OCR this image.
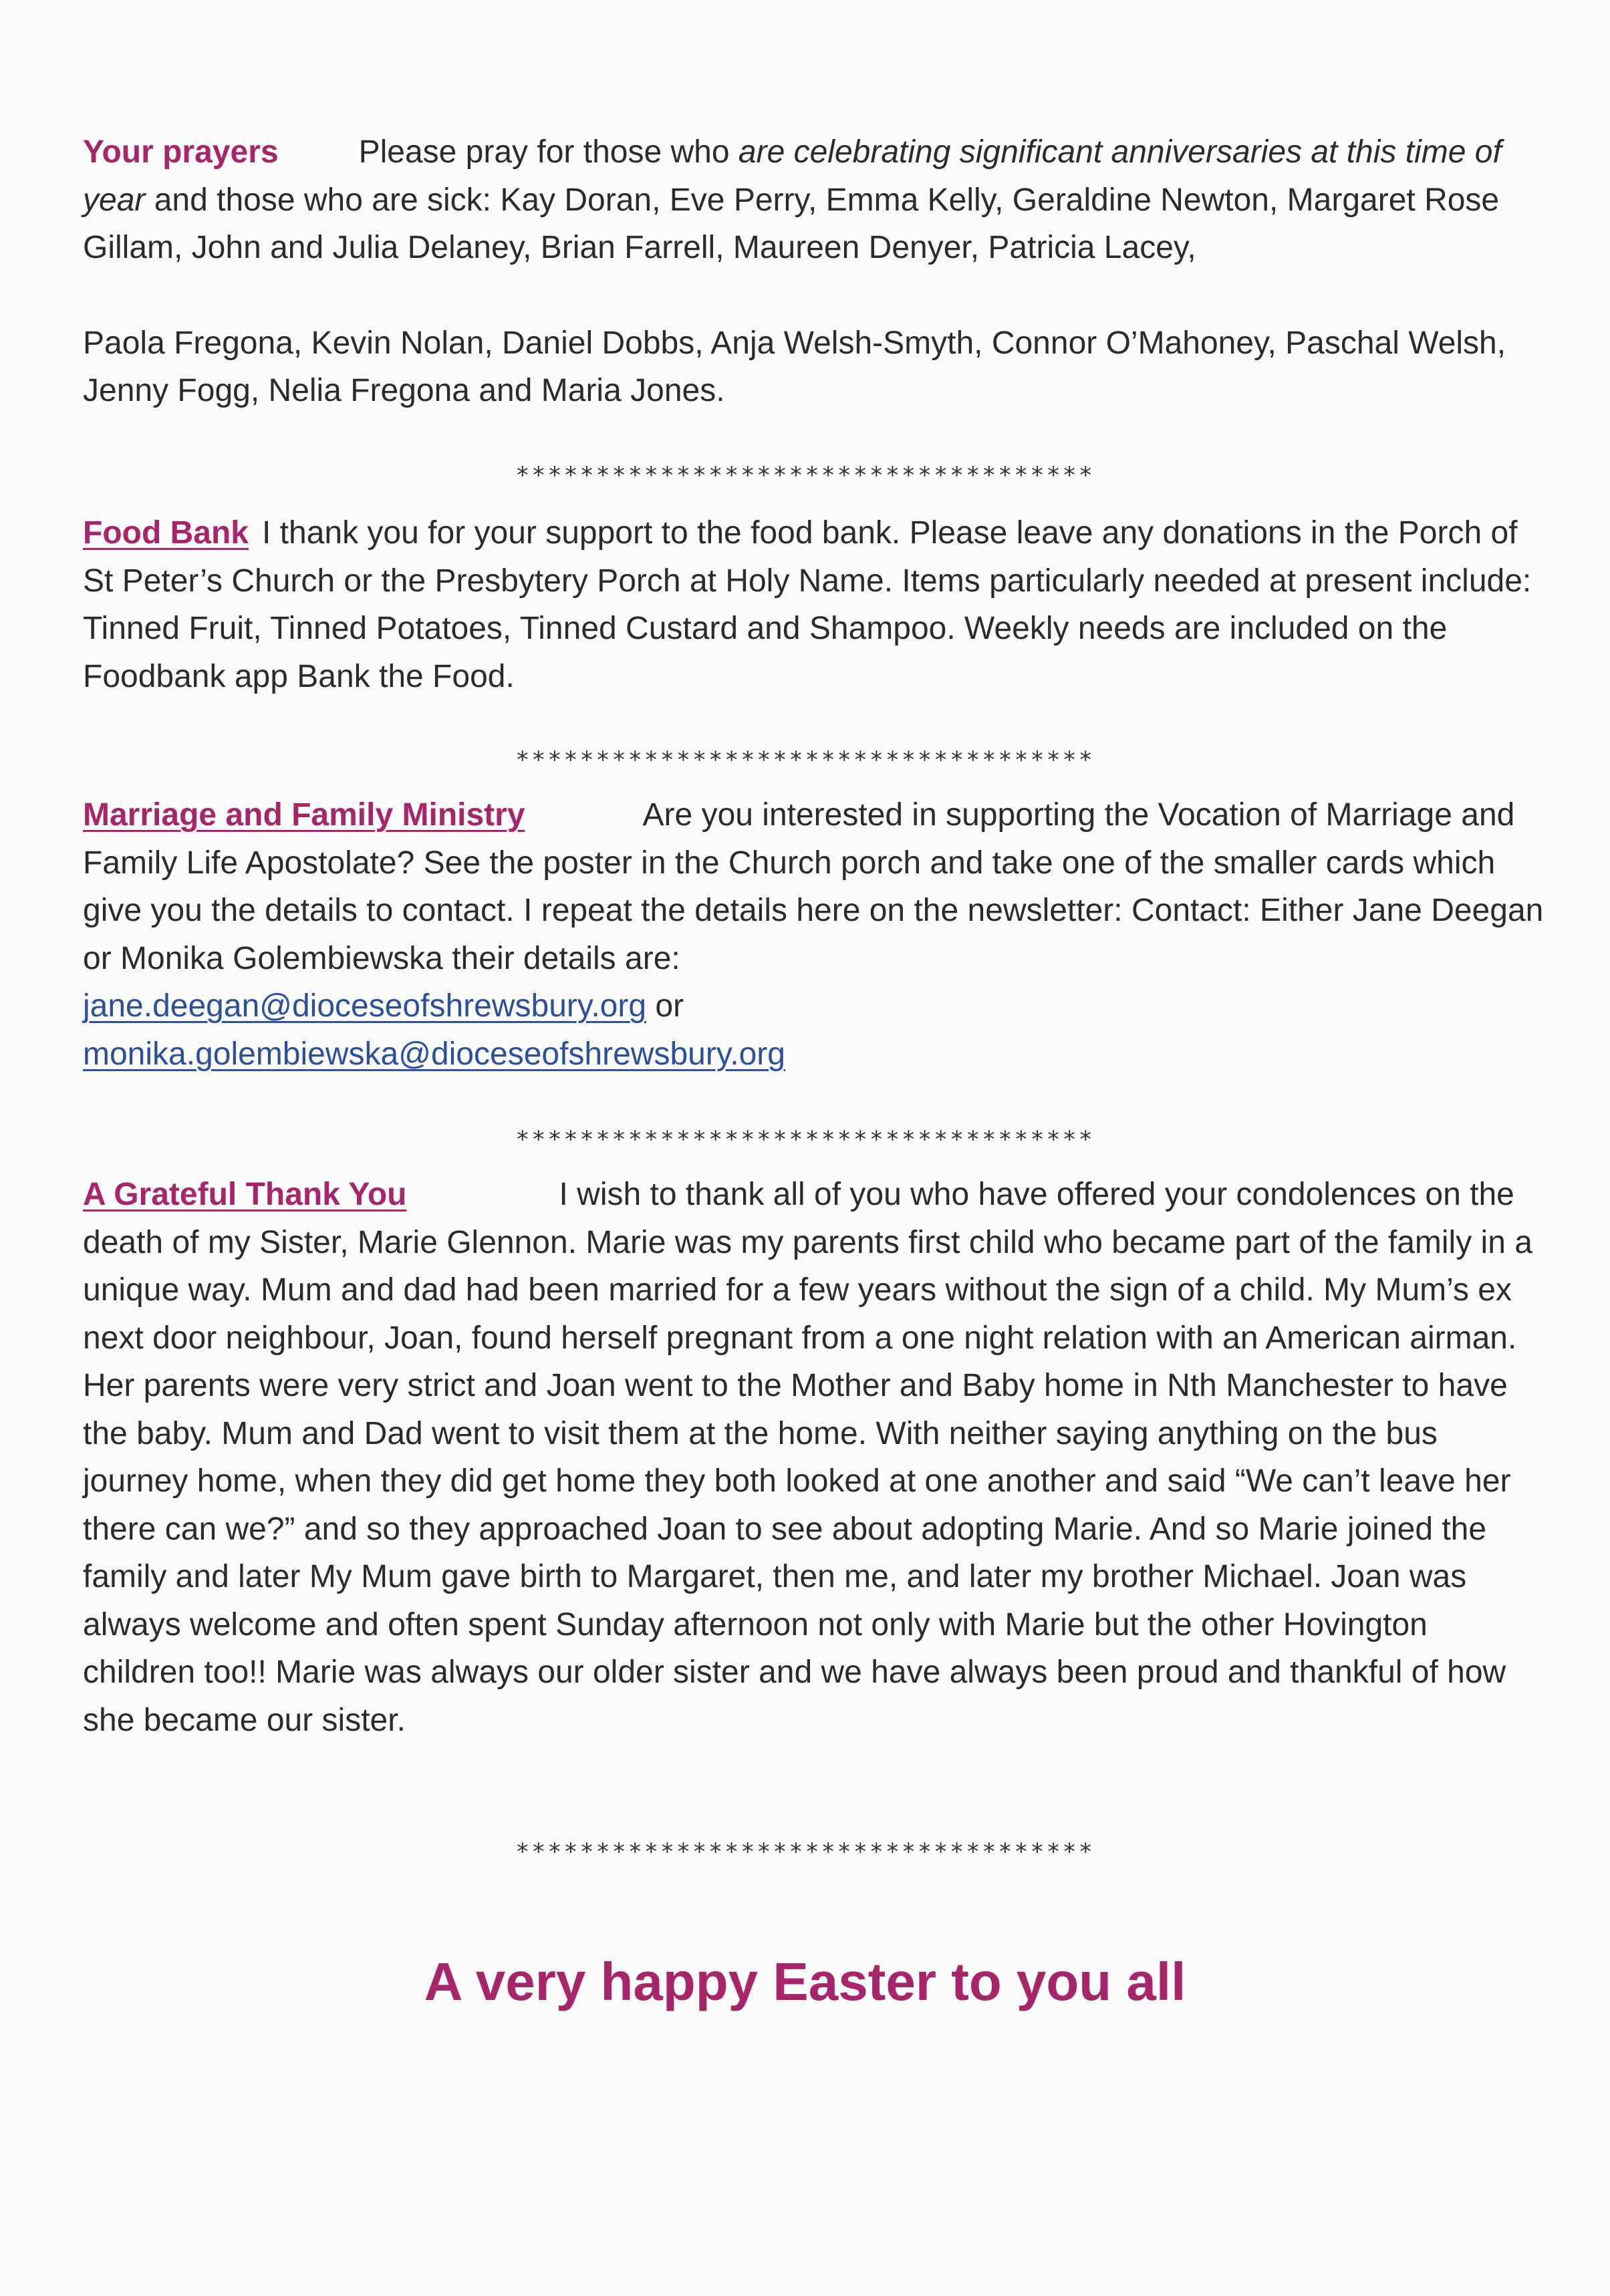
Your prayers	Please pray for those who are celebrating significant anniversaries at this time of year and those who are sick: Kay Doran, Eve Perry, Emma Kelly, Geraldine Newton, Margaret Rose Gillam, John and Julia Delaney, Brian Farrell, Maureen Denyer, Patricia Lacey,

Paola Fregona, Kevin Nolan, Daniel Dobbs, Anja Welsh-Smyth, Connor O’Mahoney, Paschal Welsh, Jenny Fogg, Nelia Fregona and Maria Jones.

************************************

Food Bank I thank you for your support to the food bank. Please leave any donations in the Porch of St Peter’s Church or the Presbytery Porch at Holy Name. Items particularly needed at present include: Tinned Fruit, Tinned Potatoes, Tinned Custard and Shampoo. Weekly needs are included on the Foodbank app Bank the Food.

************************************

Marriage and Family Ministry	Are you interested in supporting the Vocation of Marriage and Family Life Apostolate? See the poster in the Church porch and take one of the smaller cards which give you the details to contact. I repeat the details here on the newsletter: Contact: Either Jane Deegan or Monika Golembiewska their details are:
jane.deegan@dioceseofshrewsbury.org or
monika.golembiewska@dioceseofshrewsbury.org

************************************

A Grateful Thank You	I wish to thank all of you who have offered your condolences on the death of my Sister, Marie Glennon. Marie was my parents first child who became part of the family in a unique way. Mum and dad had been married for a few years without the sign of a child. My Mum’s ex next door neighbour, Joan, found herself pregnant from a one night relation with an American airman. Her parents were very strict and Joan went to the Mother and Baby home in Nth Manchester to have the baby. Mum and Dad went to visit them at the home. With neither saying anything on the bus journey home, when they did get home they both looked at one another and said “We can’t leave her there can we?” and so they approached Joan to see about adopting Marie. And so Marie joined the family and later My Mum gave birth to Margaret, then me, and later my brother Michael. Joan was always welcome and often spent Sunday afternoon not only with Marie but the other Hovington children too!! Marie was always our older sister and we have always been proud and thankful of how she became our sister.

************************************
A very happy Easter to you all
